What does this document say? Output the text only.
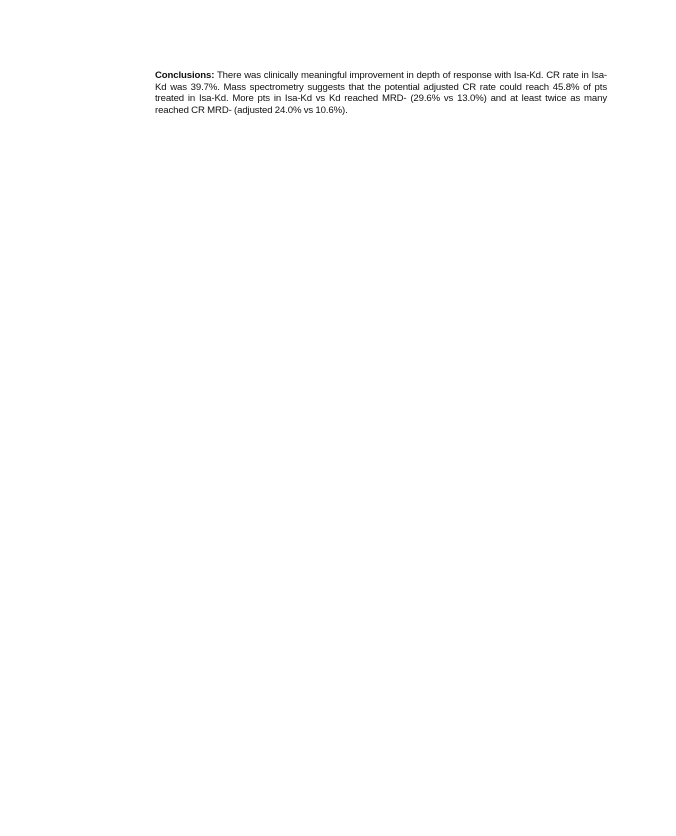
Conclusions: There was clinically meaningful improvement in depth of response with Isa-Kd. CR rate in Isa-Kd was 39.7%. Mass spectrometry suggests that the potential adjusted CR rate could reach 45.8% of pts treated in Isa-Kd. More pts in Isa-Kd vs Kd reached MRD- (29.6% vs 13.0%) and at least twice as many reached CR MRD- (adjusted 24.0% vs 10.6%).
